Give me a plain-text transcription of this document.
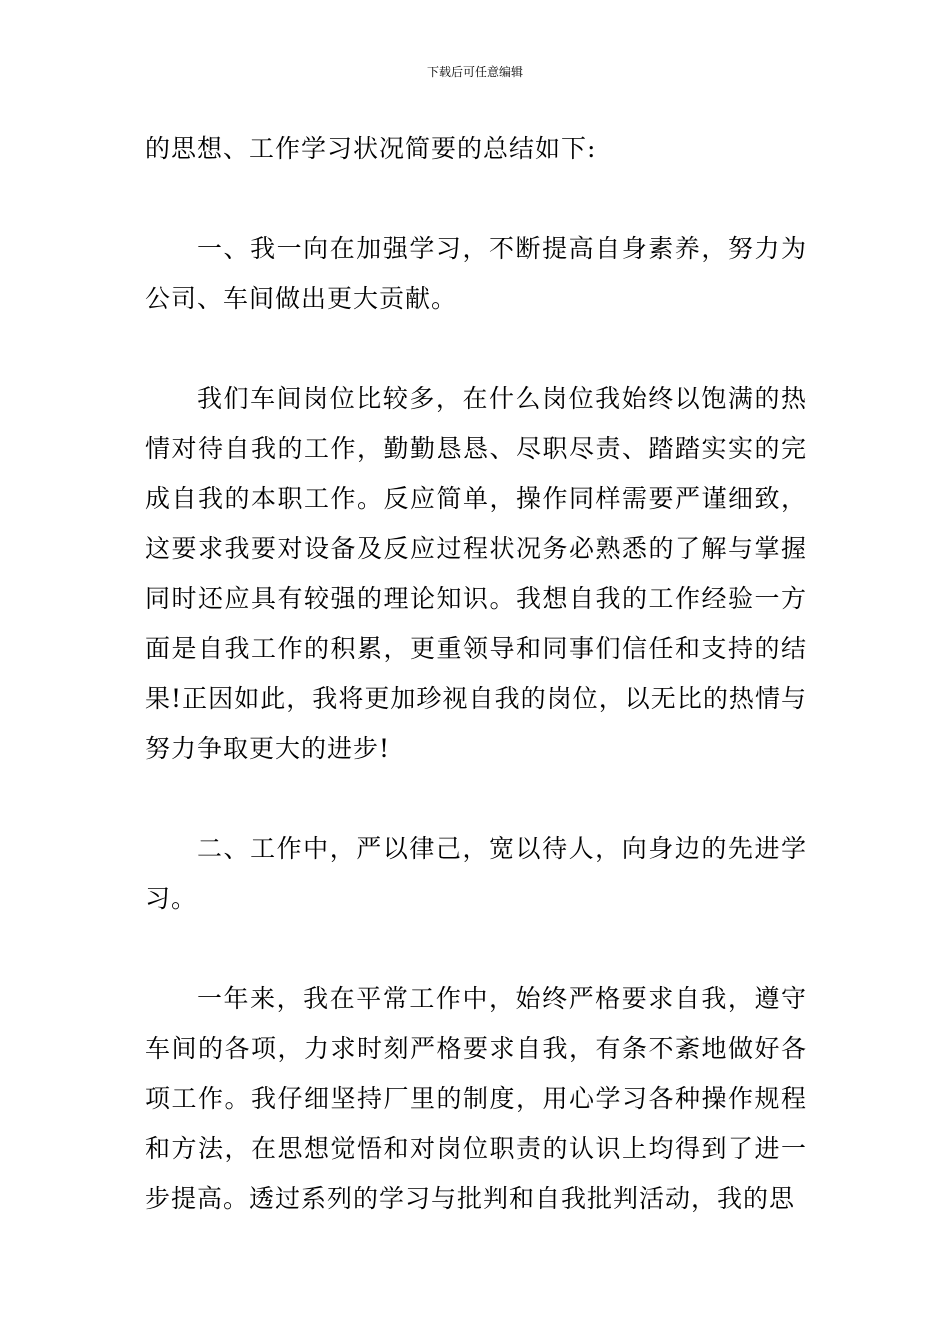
下载后可任意编辑

的思想、工作学习状况简要的总结如下:

一、我一向在加强学习，不断提高自身素养，努力为公司、车间做出更大贡献。

我们车间岗位比较多，在什么岗位我始终以饱满的热情对待自我的工作，勤勤恳恳、尽职尽责、踏踏实实的完成自我的本职工作。反应简单，操作同样需要严谨细致，这要求我要对设备及反应过程状况务必熟悉的了解与掌握同时还应具有较强的理论知识。我想自我的工作经验一方面是自我工作的积累，更重领导和同事们信任和支持的结果!正因如此，我将更加珍视自我的岗位，以无比的热情与努力争取更大的进步!

二、工作中，严以律己，宽以待人，向身边的先进学习。

一年来，我在平常工作中，始终严格要求自我，遵守车间的各项，力求时刻严格要求自我，有条不紊地做好各项工作。我仔细坚持厂里的制度，用心学习各种操作规程和方法，在思想觉悟和对岗位职责的认识上均得到了进一步提高。透过系列的学习与批判和自我批判活动，我的思
